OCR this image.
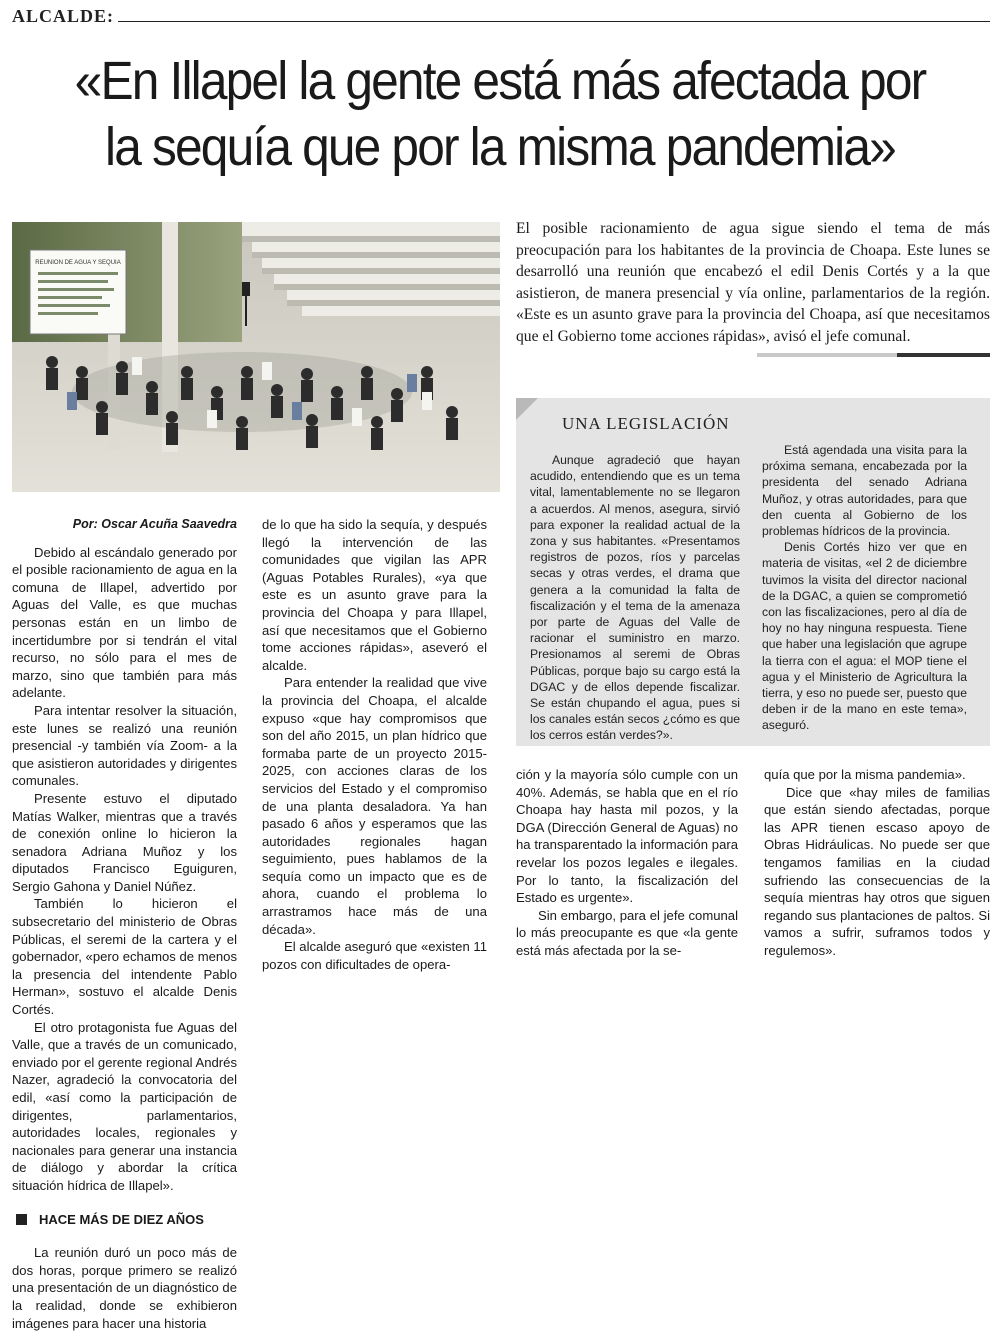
ALCALDE:
«En Illapel la gente está más afectada por
la sequía que por la misma pandemia»
REUNION DE AGUA Y SEQUIA
El posible racionamiento de agua sigue siendo el tema de más preocupación para los habitantes de la provincia de Choapa. Este lunes se desarrolló una reunión que encabezó el edil Denis Cortés y a la que asistieron, de manera presencial y vía online, parlamentarios de la región. «Este es un asunto grave para la provincia del Choapa, así que necesitamos que el Gobierno tome acciones rápidas», avisó el jefe comunal.
UNA LEGISLACIÓN

Aunque agradeció que hayan acudido, entendiendo que es un tema vital, lamentablemente no se llegaron a acuerdos. Al menos, asegura, sirvió para exponer la realidad actual de la zona y sus habitantes. «Presentamos registros de pozos, ríos y parcelas secas y otras verdes, el drama que genera a la comunidad la falta de fiscalización y el tema de la amenaza por parte de Aguas del Valle de racionar el suministro en marzo. Presionamos al seremi de Obras Públicas, porque bajo su cargo está la DGAC y de ellos depende fiscalizar. Se están chupando el agua, pues si los canales están secos ¿cómo es que los cerros están verdes?».

Está agendada una visita para la próxima semana, encabezada por la presidenta del senado Adriana Muñoz, y otras autoridades, para que den cuenta al Gobierno de los problemas hídricos de la provincia.

Denis Cortés hizo ver que en materia de visitas, «el 2 de diciembre tuvimos la visita del director nacional de la DGAC, a quien se comprometió con las fiscalizaciones, pero al día de hoy no hay ninguna respuesta. Tiene que haber una legislación que agrupe la tierra con el agua: el MOP tiene el agua y el Ministerio de Agricultura la tierra, y eso no puede ser, puesto que deben ir de la mano en este tema», aseguró.

Por: Oscar Acuña Saavedra

Debido al escándalo generado por el posible racionamiento de agua en la comuna de Illapel, advertido por Aguas del Valle, es que muchas personas están en un limbo de incertidumbre por si tendrán el vital recurso, no sólo para el mes de marzo, sino que también para más adelante.

Para intentar resolver la situación, este lunes se realizó una reunión presencial -y también vía Zoom- a la que asistieron autoridades y dirigentes comunales.

Presente estuvo el diputado Matías Walker, mientras que a través de conexión online lo hicieron la senadora Adriana Muñoz y los diputados Francisco Eguiguren, Sergio Gahona y Daniel Núñez.

También lo hicieron el subsecretario del ministerio de Obras Públicas, el seremi de la cartera y el gobernador, «pero echamos de menos la presencia del intendente Pablo Herman», sostuvo el alcalde Denis Cortés.

El otro protagonista fue Aguas del Valle, que a través de un comunicado, enviado por el gerente regional Andrés Nazer, agradeció la convocatoria del edil, «así como la participación de dirigentes, parlamentarios, autoridades locales, regionales y nacionales para generar una instancia de diálogo y abordar la crítica situación hídrica de Illapel».

HACE MÁS DE DIEZ AÑOS

La reunión duró un poco más de dos horas, porque primero se realizó una presentación de un diagnóstico de la realidad, donde se exhibieron imágenes para hacer una historia

de lo que ha sido la sequía, y después llegó la intervención de las comunidades que vigilan las APR (Aguas Potables Rurales), «ya que este es un asunto grave para la provincia del Choapa y para Illapel, así que necesitamos que el Gobierno tome acciones rápidas», aseveró el alcalde.

Para entender la realidad que vive la provincia del Choapa, el alcalde expuso «que hay compromisos que son del año 2015, un plan hídrico que formaba parte de un proyecto 2015-2025, con acciones claras de los servicios del Estado y el compromiso de una planta desaladora. Ya han pasado 6 años y esperamos que las autoridades regionales hagan seguimiento, pues hablamos de la sequía como un impacto que es de ahora, cuando el problema lo arrastramos hace más de una década».

El alcalde aseguró que «existen 11 pozos con dificultades de opera-

ción y la mayoría sólo cumple con un 40%. Además, se habla que en el río Choapa hay hasta mil pozos, y la DGA (Dirección General de Aguas) no ha transparentado la información para revelar los pozos legales e ilegales. Por lo tanto, la fiscalización del Estado es urgente».

Sin embargo, para el jefe comunal lo más preocupante es que «la gente está más afectada por la se-

quía que por la misma pandemia».

Dice que «hay miles de familias que están siendo afectadas, porque las APR tienen escaso apoyo de Obras Hidráulicas. No puede ser que tengamos familias en la ciudad sufriendo las consecuencias de la sequía mientras hay otros que siguen regando sus plantaciones de paltos. Si vamos a sufrir, suframos todos y regulemos».
